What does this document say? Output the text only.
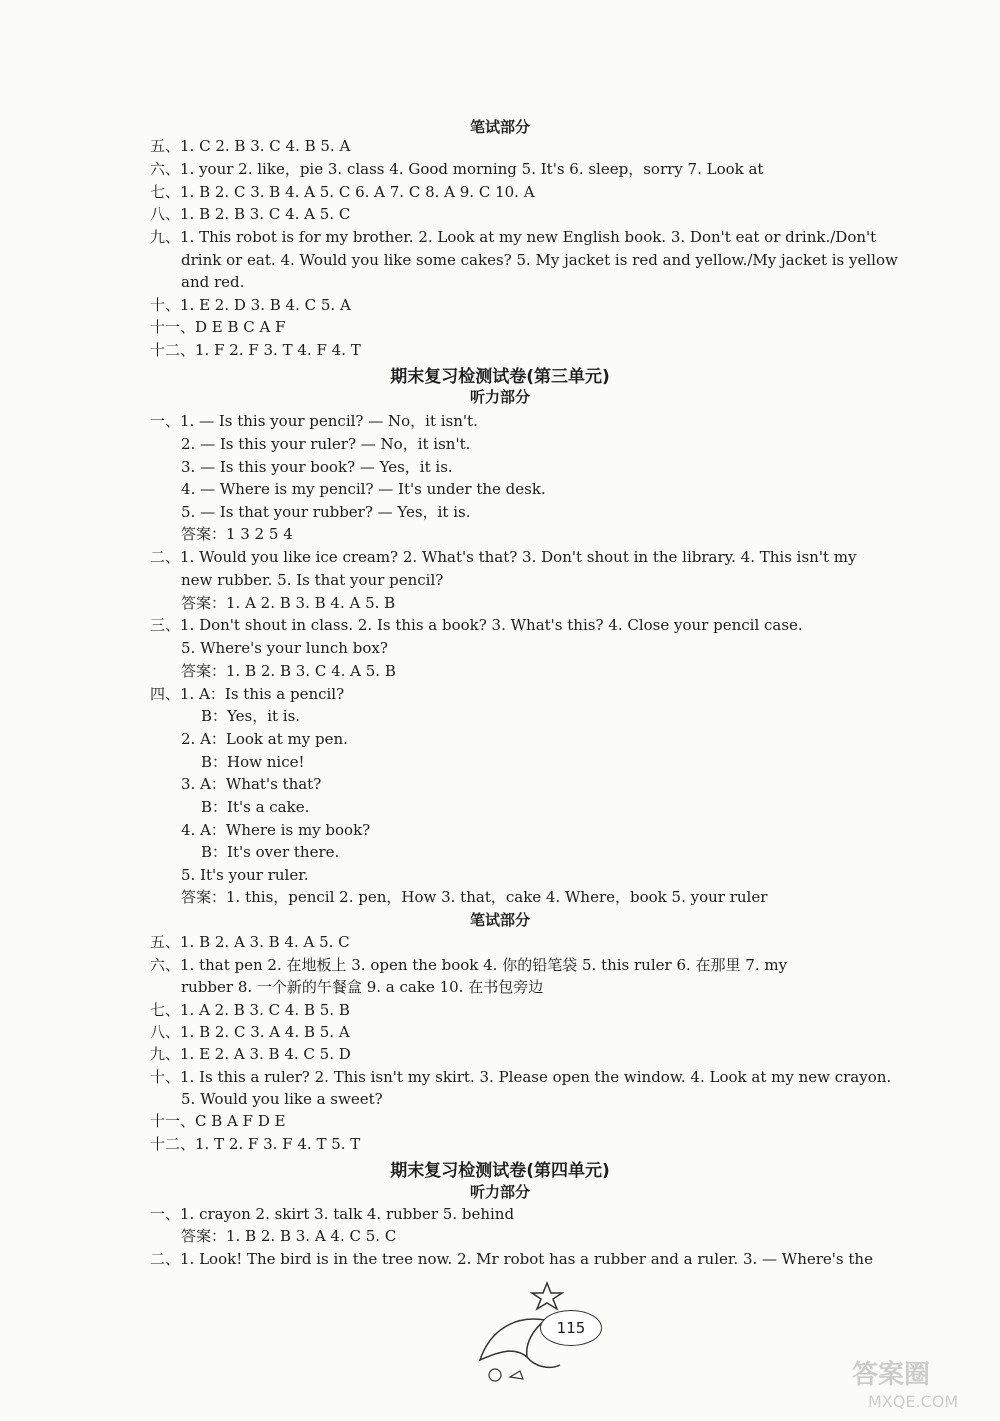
笔试部分
五、1. C 2. B 3. C 4. B 5. A
六、1. your 2. like，pie 3. class 4. Good morning 5. It's 6. sleep，sorry 7. Look at
七、1. B 2. C 3. B 4. A 5. C 6. A 7. C 8. A 9. C 10. A
八、1. B 2. B 3. C 4. A 5. C
九、1. This robot is for my brother. 2. Look at my new English book. 3. Don't eat or drink./Don't
drink or eat. 4. Would you like some cakes? 5. My jacket is red and yellow./My jacket is yellow
and red.
十、1. E 2. D 3. B 4. C 5. A
十一、D E B C A F
十二、1. F 2. F 3. T 4. F 4. T
期末复习检测试卷(第三单元)
听力部分
一、1. — Is this your pencil? — No，it isn't.
2. — Is this your ruler? — No，it isn't.
3. — Is this your book? — Yes，it is.
4. — Where is my pencil? — It's under the desk.
5. — Is that your rubber? — Yes，it is.
答案：1 3 2 5 4
二、1. Would you like ice cream? 2. What's that? 3. Don't shout in the library. 4. This isn't my
new rubber. 5. Is that your pencil?
答案：1. A 2. B 3. B 4. A 5. B
三、1. Don't shout in class. 2. Is this a book? 3. What's this? 4. Close your pencil case.
5. Where's your lunch box?
答案：1. B 2. B 3. C 4. A 5. B
四、1. A：Is this a pencil?
B：Yes，it is.
2. A：Look at my pen.
B：How nice!
3. A：What's that?
B：It's a cake.
4. A：Where is my book?
B：It's over there.
5. It's your ruler.
答案：1. this，pencil 2. pen，How 3. that，cake 4. Where，book 5. your ruler
笔试部分
五、1. B 2. A 3. B 4. A 5. C
六、1. that pen 2. 在地板上 3. open the book 4. 你的铅笔袋 5. this ruler 6. 在那里 7. my
rubber 8. 一个新的午餐盒 9. a cake 10. 在书包旁边
七、1. A 2. B 3. C 4. B 5. B
八、1. B 2. C 3. A 4. B 5. A
九、1. E 2. A 3. B 4. C 5. D
十、1. Is this a ruler? 2. This isn't my skirt. 3. Please open the window. 4. Look at my new crayon.
5. Would you like a sweet?
十一、C B A F D E
十二、1. T 2. F 3. F 4. T 5. T
期末复习检测试卷(第四单元)
听力部分
一、1. crayon 2. skirt 3. talk 4. rubber 5. behind
答案：1. B 2. B 3. A 4. C 5. C
二、1. Look! The bird is in the tree now. 2. Mr robot has a rubber and a ruler. 3. — Where's the
115
答案圈
MXQE.COM
